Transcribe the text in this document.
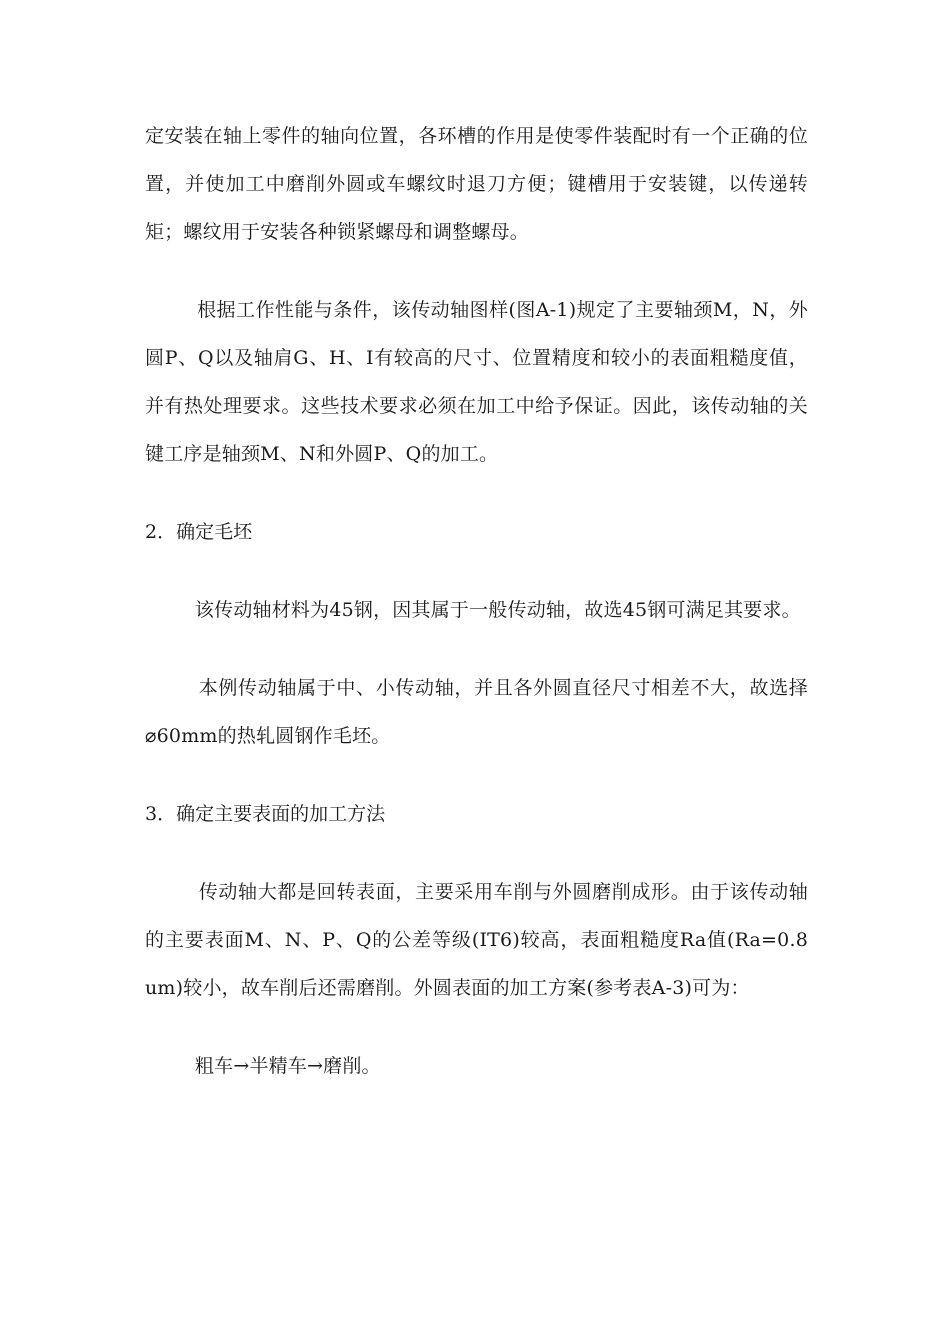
定安装在轴上零件的轴向位置，各环槽的作用是使零件装配时有一个正确的位置，并使加工中磨削外圆或车螺纹时退刀方便；键槽用于安装键，以传递转矩；螺纹用于安装各种锁紧螺母和调整螺母。

根据工作性能与条件，该传动轴图样(图A-1)规定了主要轴颈M，N，外圆P、Q以及轴肩G、H、I有较高的尺寸、位置精度和较小的表面粗糙度值，并有热处理要求。这些技术要求必须在加工中给予保证。因此，该传动轴的关键工序是轴颈M、N和外圆P、Q的加工。

2．确定毛坯

该传动轴材料为45钢，因其属于一般传动轴，故选45钢可满足其要求。

本例传动轴属于中、小传动轴，并且各外圆直径尺寸相差不大，故选择⌀60mm的热轧圆钢作毛坯。

3．确定主要表面的加工方法

传动轴大都是回转表面，主要采用车削与外圆磨削成形。由于该传动轴的主要表面M、N、P、Q的公差等级(IT6)较高，表面粗糙度Ra值(Ra=0.8 um)较小，故车削后还需磨削。外圆表面的加工方案(参考表A-3)可为：

粗车→半精车→磨削。
